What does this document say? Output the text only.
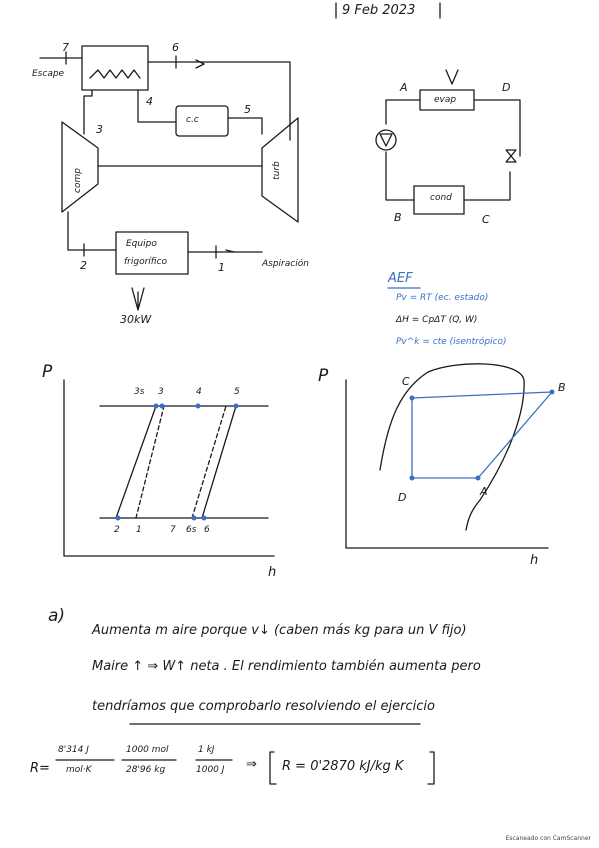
9 Feb 2023
7	6
Escape
4
5
3
c.c
comp	turb
Equipo
frigorífico
2	1	Aspiración
30kW
A	D
evap
cond
B	C
AEF
Pv = RT (ec. estado)
ΔH = CpΔT (Q, W)
Pv^k = cte (isentrópico)
P
h
3s 3	4	5
2 1	7 6s 6
P
h
C	B
D	A
a)
Aumenta m aire porque v↓ (caben más kg para un V fijo)
Maire ↑ ⇒ W↑ neta . El rendimiento también aumenta pero
tendríamos que comprobarlo resolviendo el ejercicio
R=
8'314 J
mol·K
1000 mol
28'96 kg
1 kJ
1000 J ⇒ R = 0'2870 kJ/kg K
Escaneado con CamScanner
